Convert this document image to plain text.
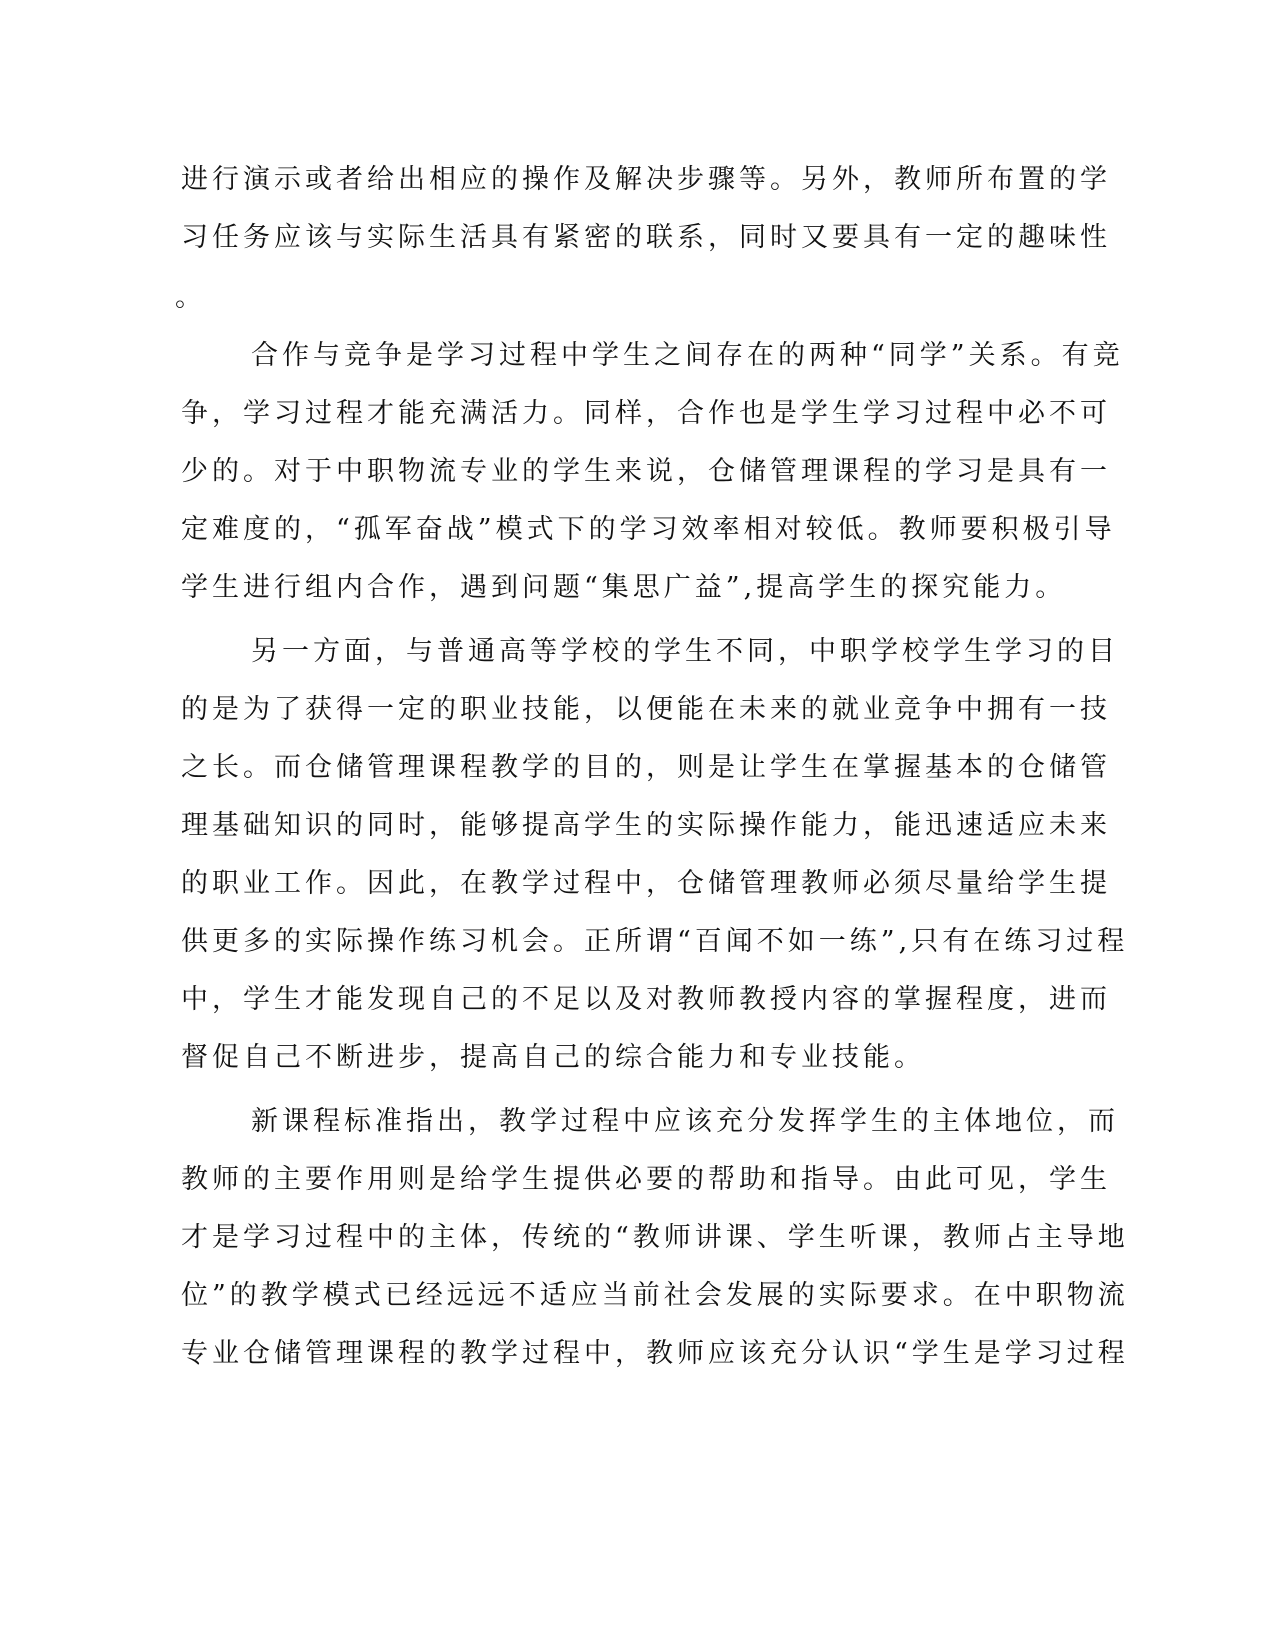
进行演示或者给出相应的操作及解决步骤等。另外，教师所布置的学
习任务应该与实际生活具有紧密的联系，同时又要具有一定的趣味性
。
合作与竞争是学习过程中学生之间存在的两种“同学”关系。有竞
争，学习过程才能充满活力。同样，合作也是学生学习过程中必不可
少的。对于中职物流专业的学生来说，仓储管理课程的学习是具有一
定难度的，“孤军奋战”模式下的学习效率相对较低。教师要积极引导
学生进行组内合作，遇到问题“集思广益”,提高学生的探究能力。
另一方面，与普通高等学校的学生不同，中职学校学生学习的目
的是为了获得一定的职业技能，以便能在未来的就业竞争中拥有一技
之长。而仓储管理课程教学的目的，则是让学生在掌握基本的仓储管
理基础知识的同时，能够提高学生的实际操作能力，能迅速适应未来
的职业工作。因此，在教学过程中，仓储管理教师必须尽量给学生提
供更多的实际操作练习机会。正所谓“百闻不如一练”,只有在练习过程
中，学生才能发现自己的不足以及对教师教授内容的掌握程度，进而
督促自己不断进步，提高自己的综合能力和专业技能。
新课程标准指出，教学过程中应该充分发挥学生的主体地位，而
教师的主要作用则是给学生提供必要的帮助和指导。由此可见，学生
才是学习过程中的主体，传统的“教师讲课、学生听课，教师占主导地
位”的教学模式已经远远不适应当前社会发展的实际要求。在中职物流
专业仓储管理课程的教学过程中，教师应该充分认识“学生是学习过程
